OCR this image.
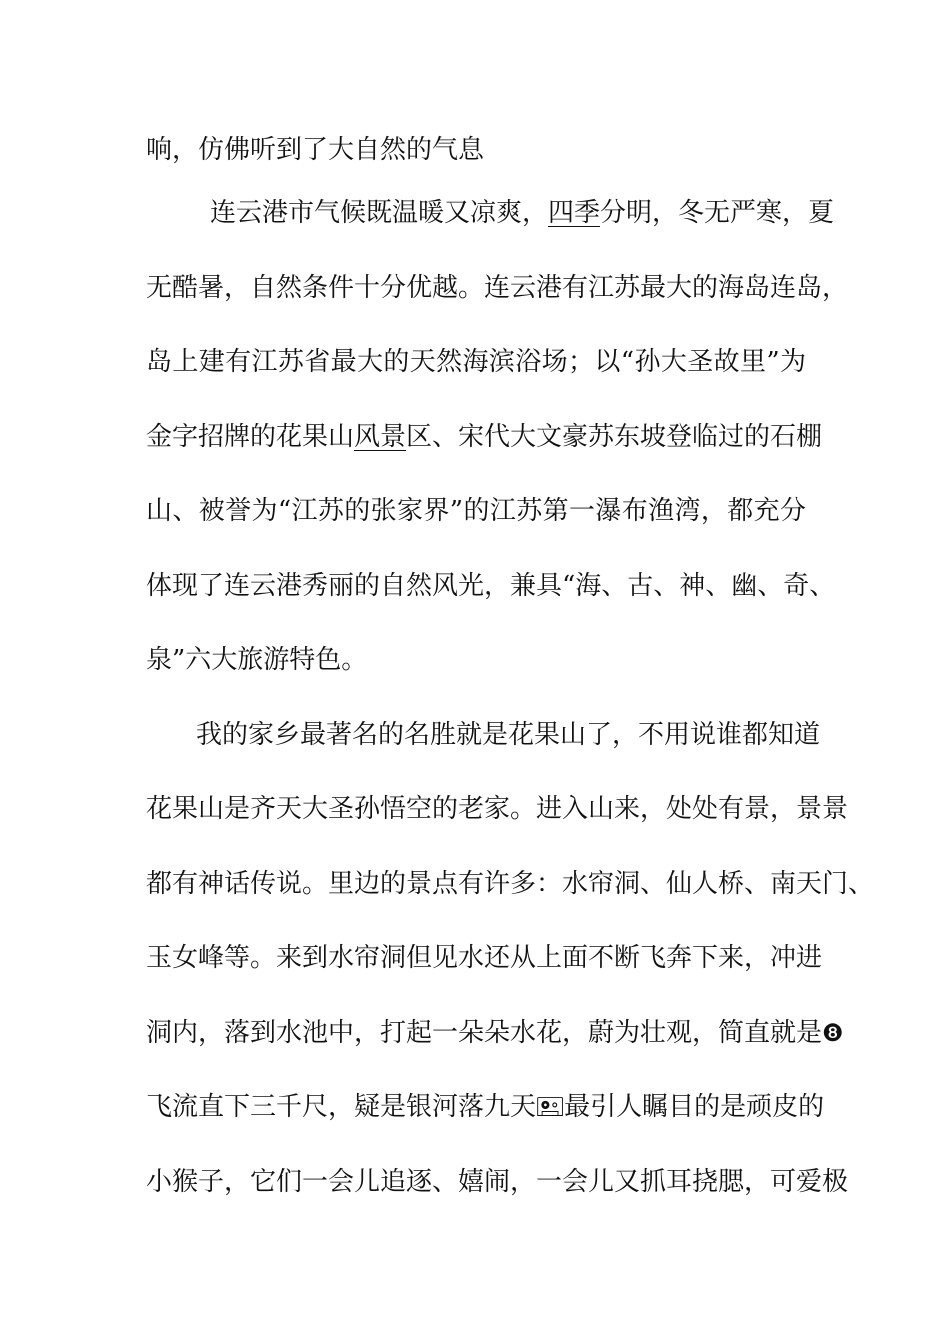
响，仿佛听到了大自然的气息
连云港市气候既温暖又凉爽，四季分明，冬无严寒，夏
无酷暑，自然条件十分优越。连云港有江苏最大的海岛连岛，
岛上建有江苏省最大的天然海滨浴场；以“孙大圣故里”为
金字招牌的花果山风景区、宋代大文豪苏东坡登临过的石棚
山、被誉为“江苏的张家界”的江苏第一瀑布渔湾，都充分
体现了连云港秀丽的自然风光，兼具“海、古、神、幽、奇、
泉”六大旅游特色。
我的家乡最著名的名胜就是花果山了，不用说谁都知道
花果山是齐天大圣孙悟空的老家。进入山来，处处有景，景景
都有神话传说。里边的景点有许多：水帘洞、仙人桥、南天门、
玉女峰等。来到水帘洞但见水还从上面不断飞奔下来，冲进
洞内，落到水池中，打起一朵朵水花，蔚为壮观，简直就是❽
飞流直下三千尺，疑是银河落九天🖭最引人瞩目的是顽皮的
小猴子，它们一会儿追逐、嬉闹，一会儿又抓耳挠腮，可爱极
